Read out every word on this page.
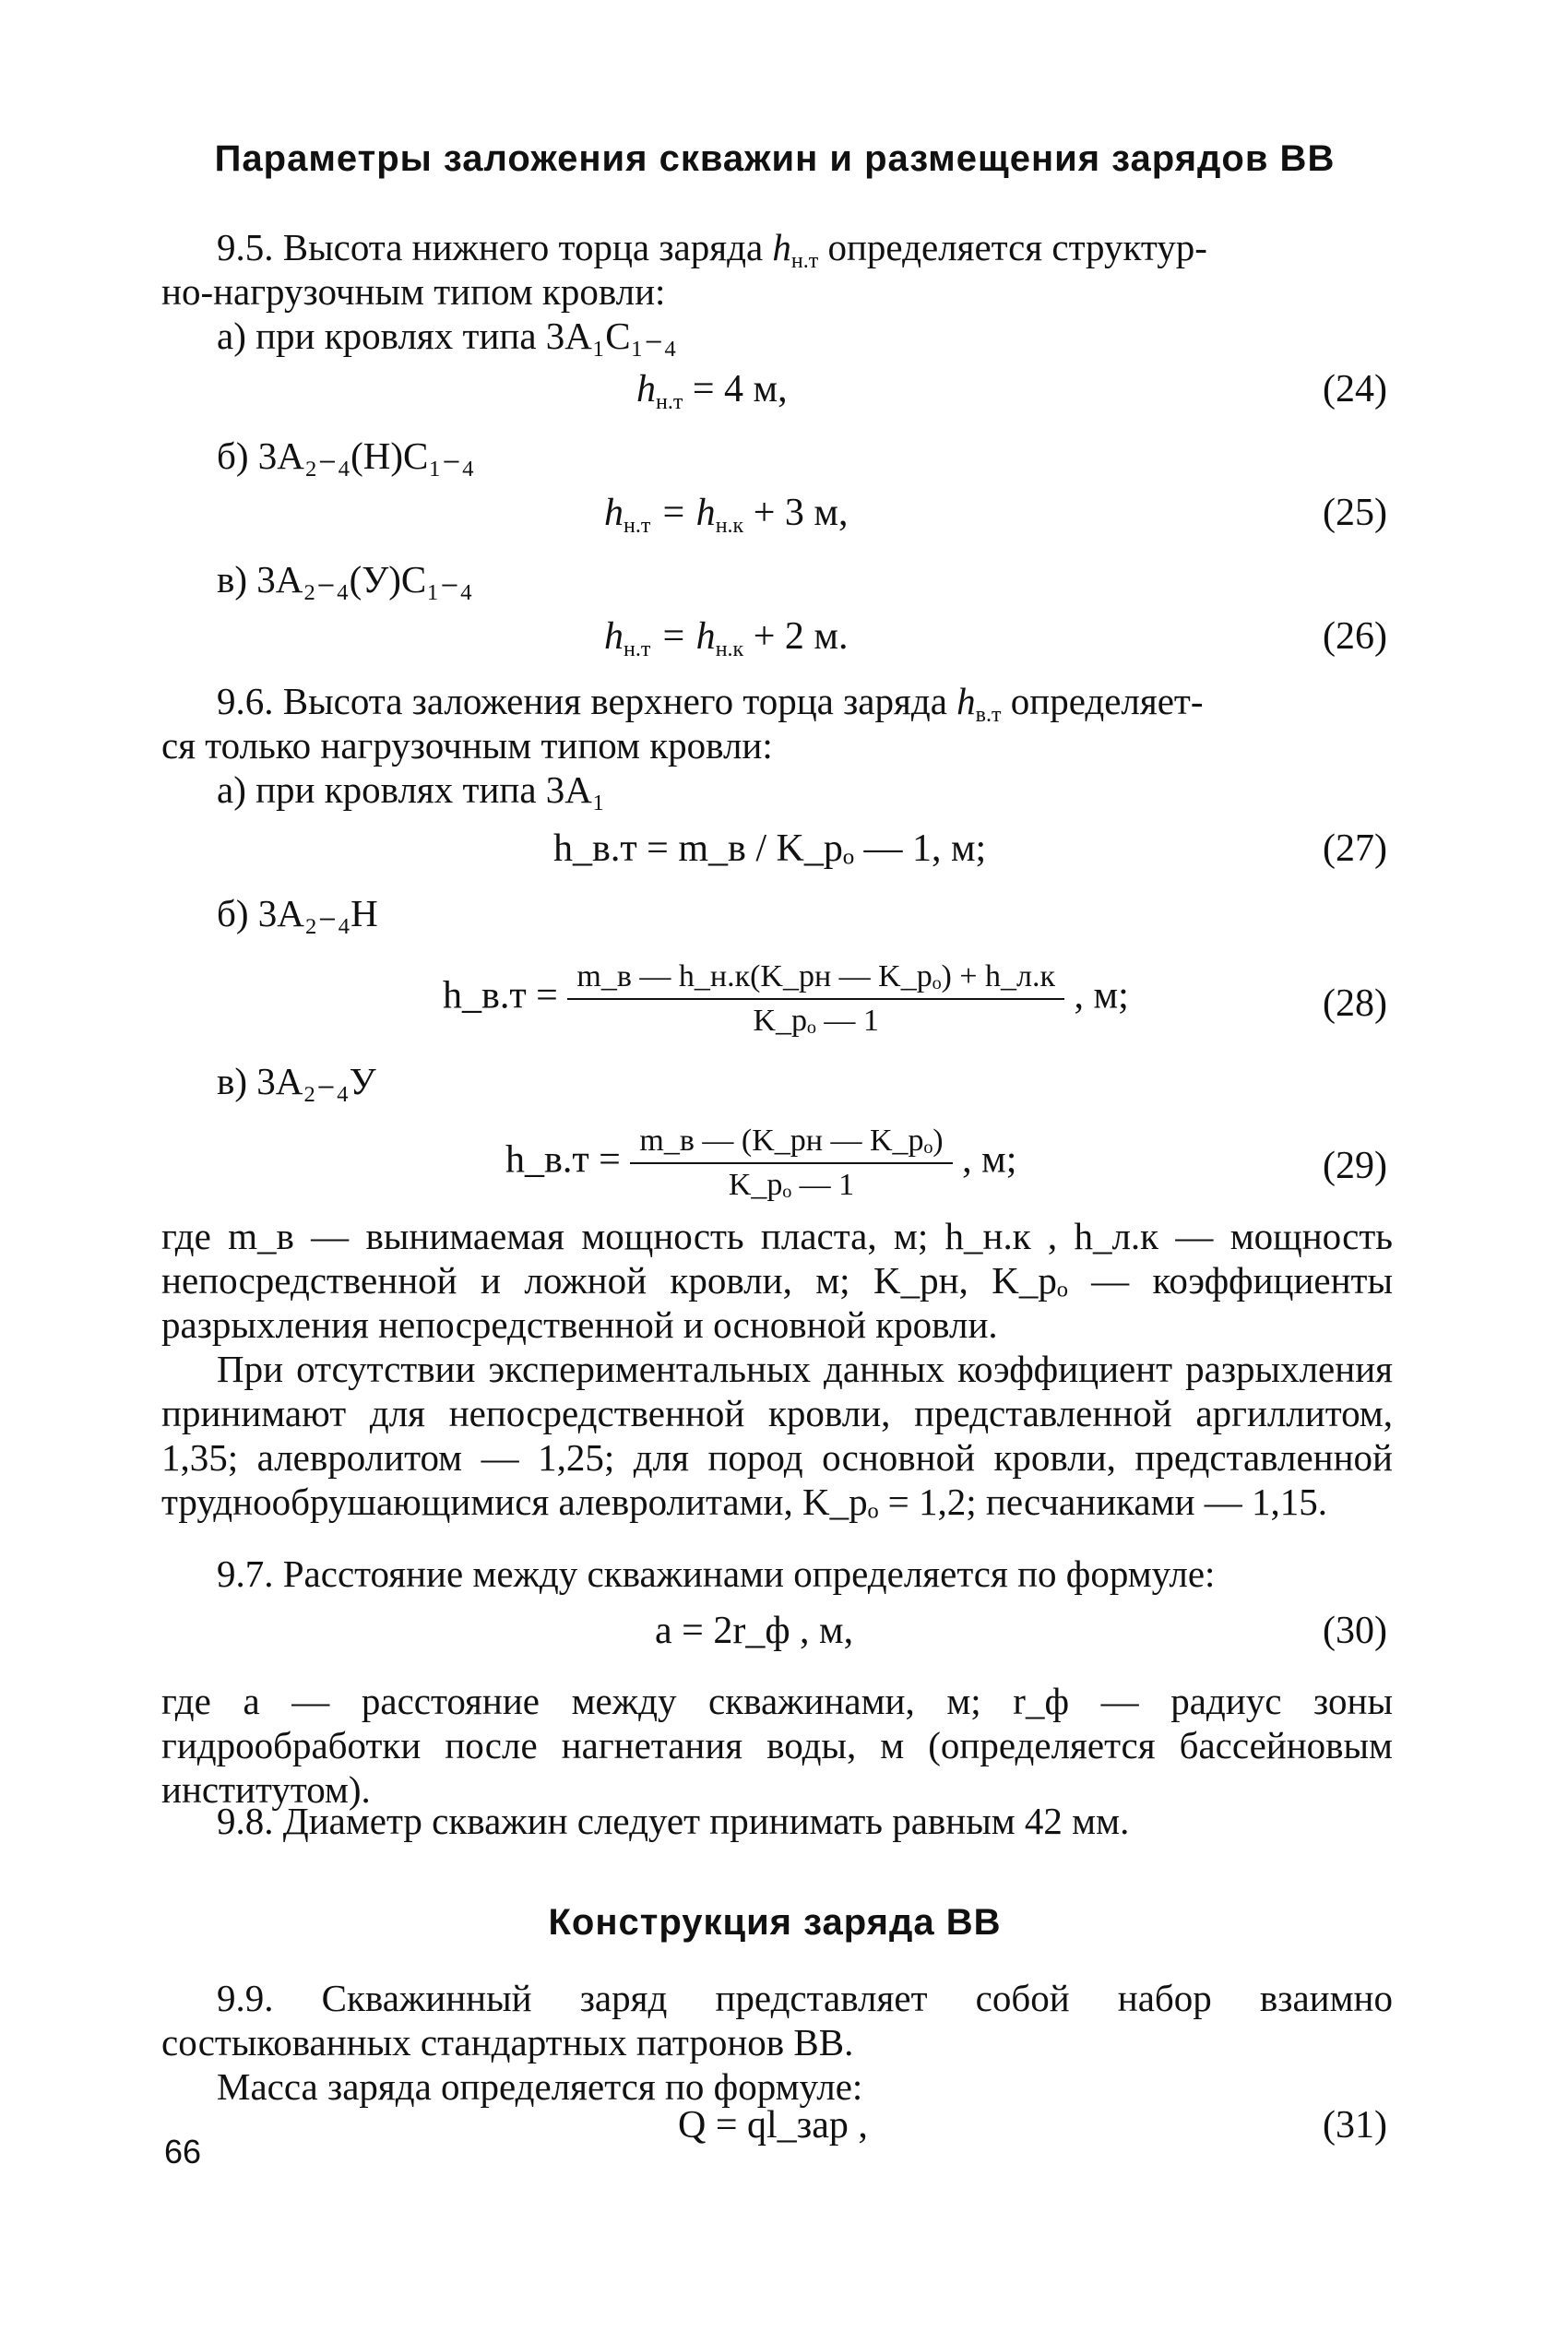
Параметры заложения скважин и размещения зарядов ВВ
9.5. Высота нижнего торца заряда $h_{н.т}$ определяется структур-
но-нагрузочным типом кровли:
а) при кровлях типа 3A₁C₁₋₄
$h_{н.т} = 4$ м,	(24)
б) 3A₂₋₄(Н)C₁₋₄
$h_{н.т} = h_{н.к} + 3$ м,	(25)
в) 3A₂₋₄(У)C₁₋₄
$h_{н.т} = h_{н.к} + 2$ м.	(26)
9.6. Высота заложения верхнего торца заряда $h_{в.т}$ определяет-
ся только нагрузочным типом кровли:
а) при кровлях типа 3A₁
h_в.т = m_в / K_pₒ — 1, м;	(27)
б) 3A₂₋₄Н
h_в.т = $\frac{\text{m\_в — h\_н.к(K\_pн — K\_pₒ) + h\_л.к}}{\text{K\_pₒ — 1}}$ , м;	(28)
в) 3A₂₋₄У
h_в.т = $\frac{\text{m\_в — (K\_pн — K\_pₒ)}}{\text{K\_pₒ — 1}}$ , м;	(29)
где m_в — вынимаемая мощность пласта, м; h_н.к , h_л.к — мощность непосредственной и ложной кровли, м; K_pн, K_pₒ — коэффициенты разрыхления непосредственной и основной кровли.
При отсутствии экспериментальных данных коэффициент разрыхления принимают для непосредственной кровли, представленной аргиллитом, 1,35; алевролитом — 1,25; для пород основной кровли, представленной труднообрушающимися алевролитами, K_pₒ = 1,2; песчаниками — 1,15.
9.7. Расстояние между скважинами определяется по формуле:
a = 2r_ф , м,	(30)
где a — расстояние между скважинами, м; r_ф — радиус зоны гидрообработки после нагнетания воды, м (определяется бассейновым институтом).
9.8. Диаметр скважин следует принимать равным 42 мм.
Конструкция заряда ВВ
9.9. Скважинный заряд представляет собой набор взаимно состыкованных стандартных патронов ВВ.
Масса заряда определяется по формуле:
Q = ql_зар ,	(31)
66
